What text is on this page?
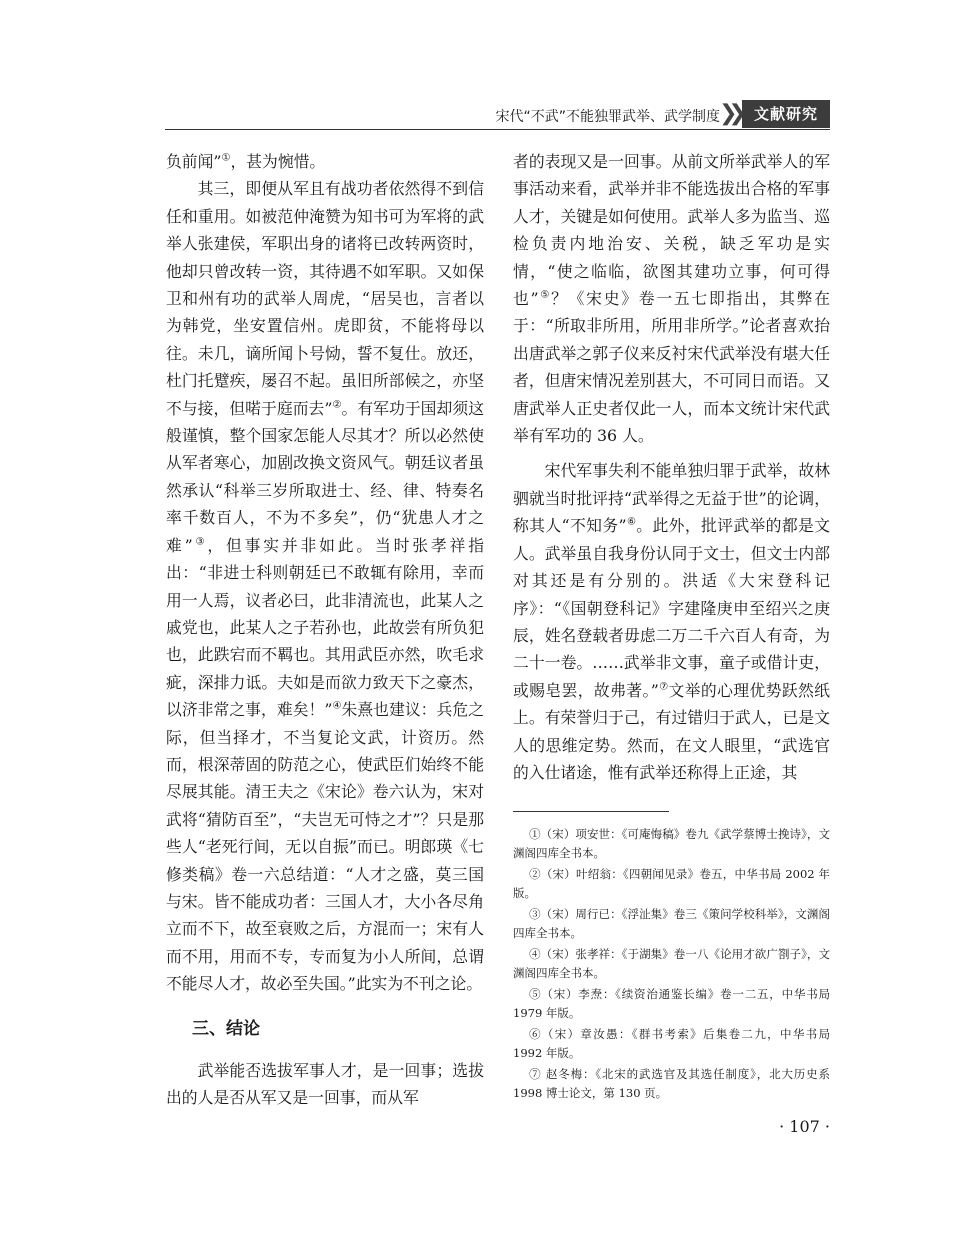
宋代“不武”不能独罪武举、武学制度 ❯❯	文献研究

负前闻”①，甚为惋惜。

其三，即便从军且有战功者依然得不到信任和重用。如被范仲淹赞为知书可为军将的武举人张建侯，军职出身的诸将已改转两资时，他却只曾改转一资，其待遇不如军职。又如保卫和州有功的武举人周虎，“居吴也，言者以为韩党，坐安置信州。虎即贫，不能将母以往。未几，谪所闻卜号恸，誓不复仕。放还，杜门托躄疾，屡召不起。虽旧所部候之，亦坚不与接，但喏于庭而去”②。有军功于国却须这般谨慎，整个国家怎能人尽其才？所以必然使从军者寒心，加剧改换文资风气。朝廷议者虽然承认“科举三岁所取进士、经、律、特奏名率千数百人，不为不多矣”，仍“犹患人才之难”③，但事实并非如此。当时张孝祥指出：“非进士科则朝廷已不敢辄有除用，幸而用一人焉，议者必曰，此非清流也，此某人之戚党也，此某人之子若孙也，此故尝有所负犯也，此跌宕而不羁也。其用武臣亦然，吹毛求疵，深排力诋。夫如是而欲力致天下之豪杰，以济非常之事，难矣！”④朱熹也建议：兵危之际，但当择才，不当复论文武，计资历。然而，根深蒂固的防范之心，使武臣们始终不能尽展其能。清王夫之《宋论》卷六认为，宋对武将“猜防百至”，“夫岂无可恃之才”？只是那些人“老死行间，无以自振”而已。明郎瑛《七修类稿》卷一六总结道：“人才之盛，莫三国与宋。皆不能成功者：三国人才，大小各尽角立而不下，故至衰败之后，方混而一；宋有人而不用，用而不专，专而复为小人所间，总谓不能尽人才，故必至失国。”此实为不刊之论。

三、结论

武举能否选拔军事人才，是一回事；选拔出的人是否从军又是一回事，而从军

者的表现又是一回事。从前文所举武举人的军事活动来看，武举并非不能选拔出合格的军事人才，关键是如何使用。武举人多为监当、巡检负责内地治安、关税，缺乏军功是实情，“使之临临，欲图其建功立事，何可得也”⑤？《宋史》卷一五七即指出，其弊在于：“所取非所用，所用非所学。”论者喜欢抬出唐武举之郭子仪来反衬宋代武举没有堪大任者，但唐宋情况差别甚大，不可同日而语。又唐武举人正史者仅此一人，而本文统计宋代武举有军功的 36 人。

宋代军事失利不能单独归罪于武举，故林驷就当时批评持“武举得之无益于世”的论调，称其人“不知务”⑥。此外，批评武举的都是文人。武举虽自我身份认同于文士，但文士内部对其还是有分别的。洪适《大宋登科记序》：“《国朝登科记》字建隆庚申至绍兴之庚辰，姓名登载者毋虑二万二千六百人有奇，为二十一卷。……武举非文事，童子或借计吏，或赐皂罢，故弗著。”⑦文举的心理优势跃然纸上。有荣誉归于己，有过错归于武人，已是文人的思维定势。然而，在文人眼里，“武选官的入仕诸途，惟有武举还称得上正途，其

①（宋）项安世：《可庵悔稿》卷九《武学蔡博士挽诗》，文渊阁四库全书本。

②（宋）叶绍翁：《四朝闻见录》卷五，中华书局 2002 年版。

③（宋）周行已：《浮沚集》卷三《策问学校科举》，文渊阁四库全书本。

④（宋）张孝祥：《于湖集》卷一八《论用才欲广劄子》，文渊阁四库全书本。

⑤（宋）李焘：《续资治通鉴长编》卷一二五，中华书局 1979 年版。

⑥（宋）章汝愚：《群书考索》后集卷二九，中华书局 1992 年版。

⑦ 赵冬梅：《北宋的武选官及其选任制度》，北大历史系 1998 博士论文，第 130 页。

· 107 ·
